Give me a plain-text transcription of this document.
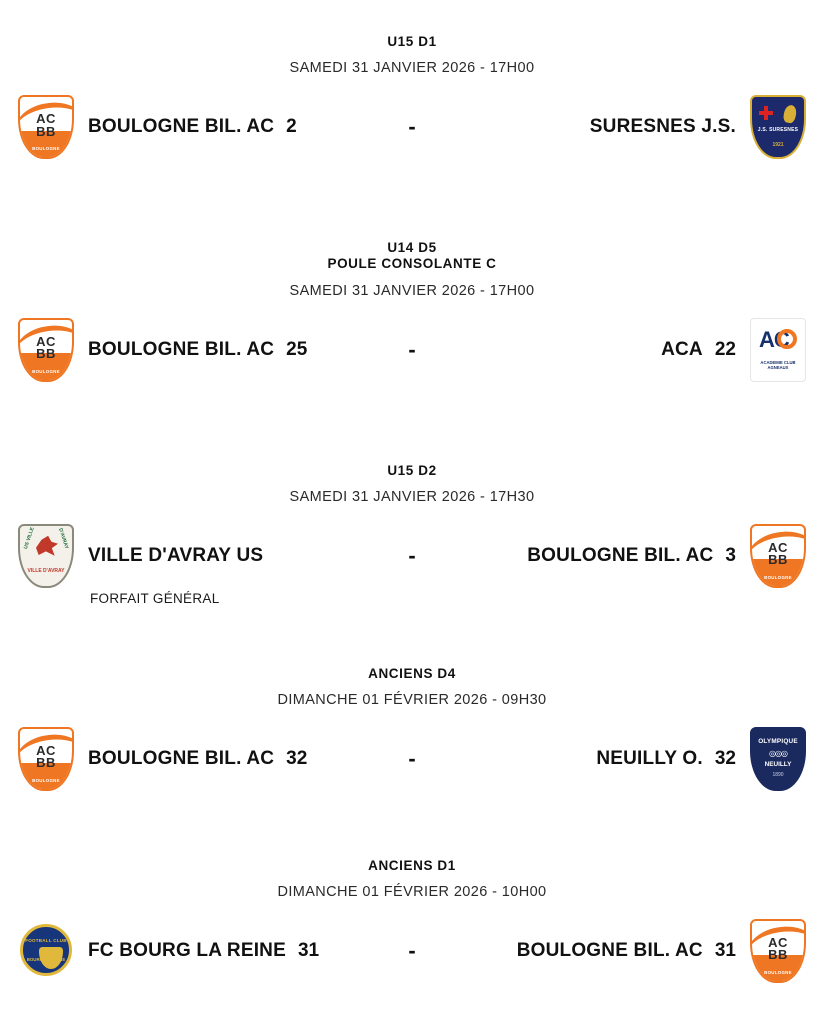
U15 D1
SAMEDI 31 JANVIER 2026 - 17H00
AC
BB
BOULOGNE
BOULOGNE BIL. AC 2	-	SURESNES J.S.	J.S. SURESNES
1921
U14 D5
POULE CONSOLANTE C
SAMEDI 31 JANVIER 2026 - 17H00
AC
BB
BOULOGNE
BOULOGNE BIL. AC 25	-	ACA 22 AC
ACADEMIE CLUB AGNEAUX
U15 D2
SAMEDI 31 JANVIER 2026 - 17H30
US VILLE	D'AVRAY
VILLE D'AVRAY
VILLE D'AVRAY US	-	BOULOGNE BIL. AC 3	AC
BB
BOULOGNE
FORFAIT GÉNÉRAL
ANCIENS D4
DIMANCHE 01 FÉVRIER 2026 - 09H30
AC
BB
BOULOGNE
BOULOGNE BIL. AC 32	-	NEUILLY O. 32
OLYMPIQUE
◎◎◎
NEUILLY
1890
ANCIENS D1
DIMANCHE 01 FÉVRIER 2026 - 10H00
FOOTBALL CLUB
BOURG-LA-REINE FC BOURG LA REINE 31	-	BOULOGNE BIL. AC 31	AC
BB
BOULOGNE
